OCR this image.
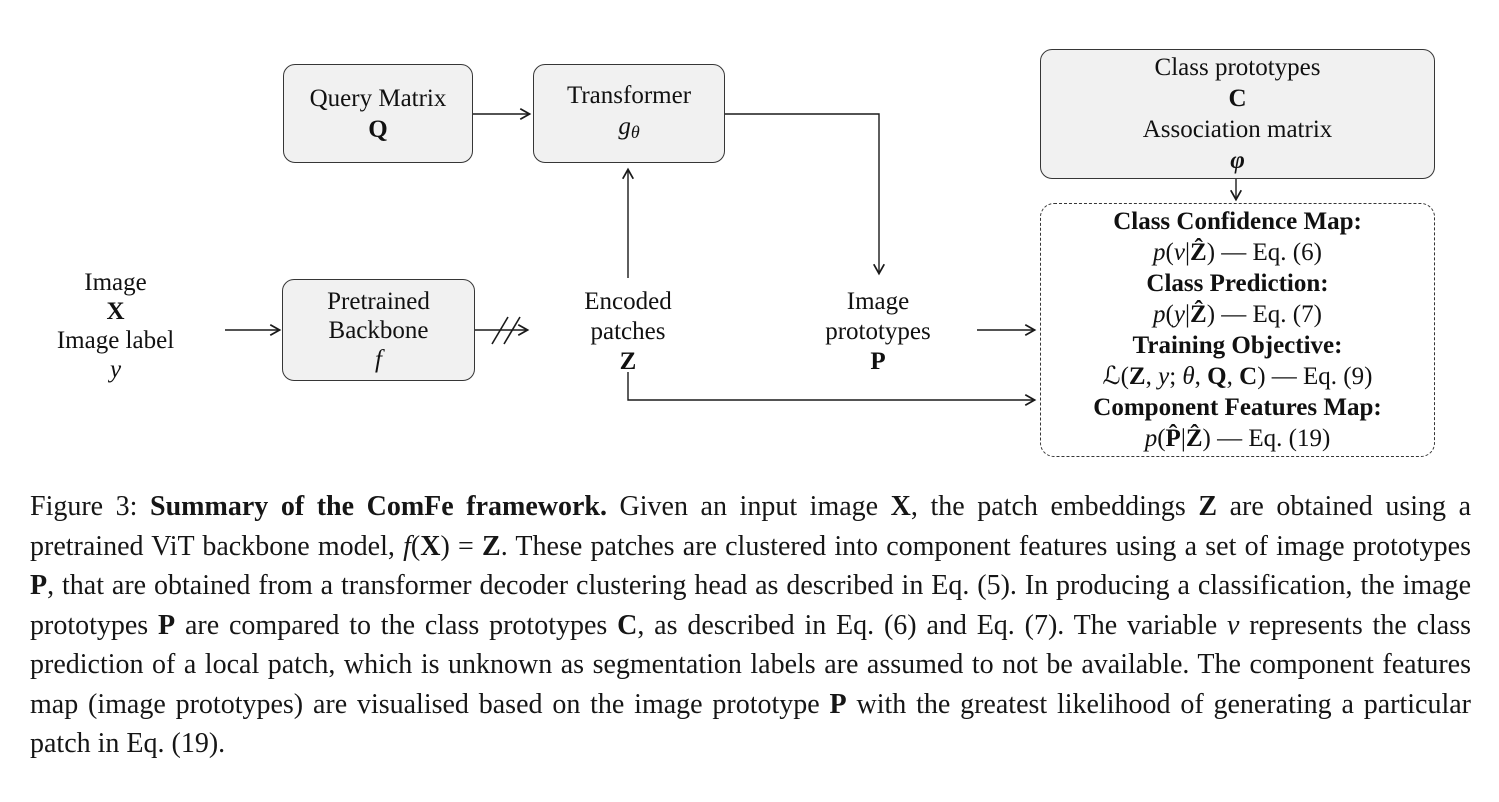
Query Matrix
Q
Transformer
gθ
Class prototypes
C
Association matrix
φ
Pretrained
Backbone
f
Class Confidence Map:
p(ν|Ẑ) — Eq. (6)
Class Prediction:
p(y|Ẑ) — Eq. (7)
Training Objective:
ℒ(Z, y; θ, Q, C) — Eq. (9)
Component Features Map:
p(P̂|Ẑ) — Eq. (19)
Image
X
Image label
y
Encoded
patches
Z
Image
prototypes
P
Figure 3: Summary of the ComFe framework. Given an input image X, the patch embeddings Z are obtained using a pretrained ViT backbone model, f(X) = Z. These patches are clustered into component features using a set of image prototypes P, that are obtained from a transformer decoder clustering head as described in Eq. (5). In producing a classification, the image prototypes P are compared to the class prototypes C, as described in Eq. (6) and Eq. (7). The variable ν represents the class prediction of a local patch, which is unknown as segmentation labels are assumed to not be available. The component features map (image prototypes) are visualised based on the image prototype P with the greatest likelihood of generating a particular patch in Eq. (19).
